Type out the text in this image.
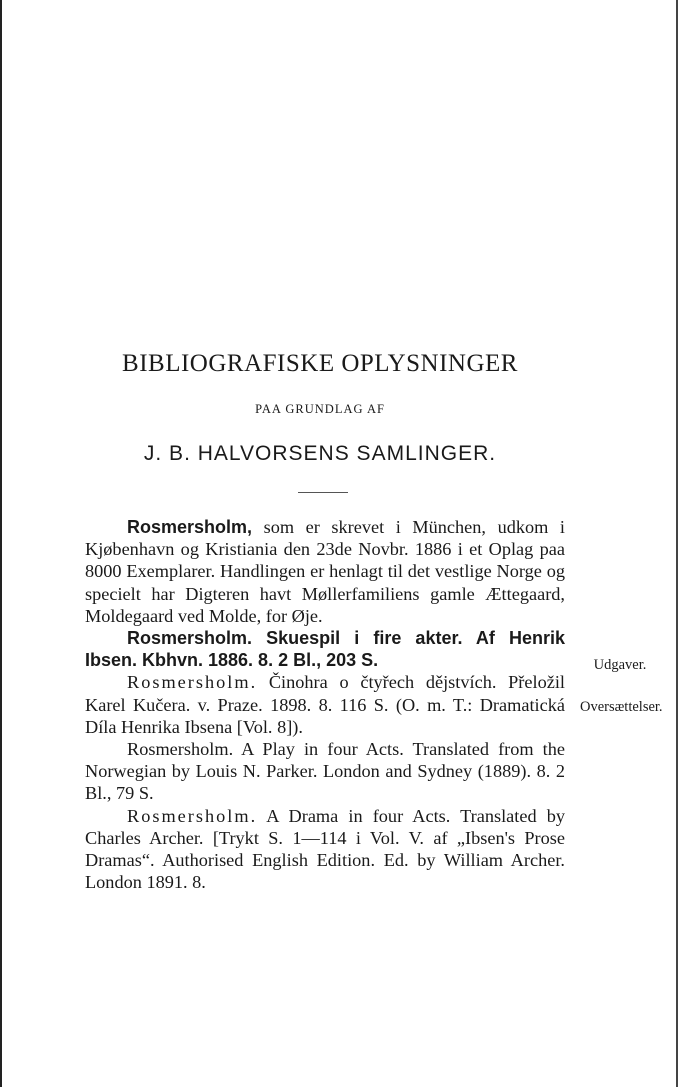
BIBLIOGRAFISKE OPLYSNINGER
PAA GRUNDLAG AF
J. B. HALVORSENS SAMLINGER.

Rosmersholm, som er skrevet i München, udkom i Kjøbenhavn og Kristiania den 23de Novbr. 1886 i et Oplag paa 8000 Exemplarer. Handlingen er henlagt til det vestlige Norge og specielt har Digteren havt Møllerfamiliens gamle Ættegaard, Moldegaard ved Molde, for Øje.

Rosmersholm. Skuespil i fire akter. Af Henrik Ibsen. Kbhvn. 1886. 8. 2 Bl., 203 S.

Rosmersholm. Činohra o čtyřech dějstvích. Přeložil Karel Kučera. v. Praze. 1898. 8. 116 S. (O. m. T.: Dramatická Díla Henrika Ibsena [Vol. 8]).

Rosmersholm. A Play in four Acts. Translated from the Norwegian by Louis N. Parker. London and Sydney (1889). 8. 2 Bl., 79 S.

Rosmersholm. A Drama in four Acts. Translated by Charles Archer. [Trykt S. 1—114 i Vol. V. af „Ibsen's Prose Dramas“. Authorised English Edition. Ed. by William Archer. London 1891. 8.

Udgaver.
Oversættelser.
